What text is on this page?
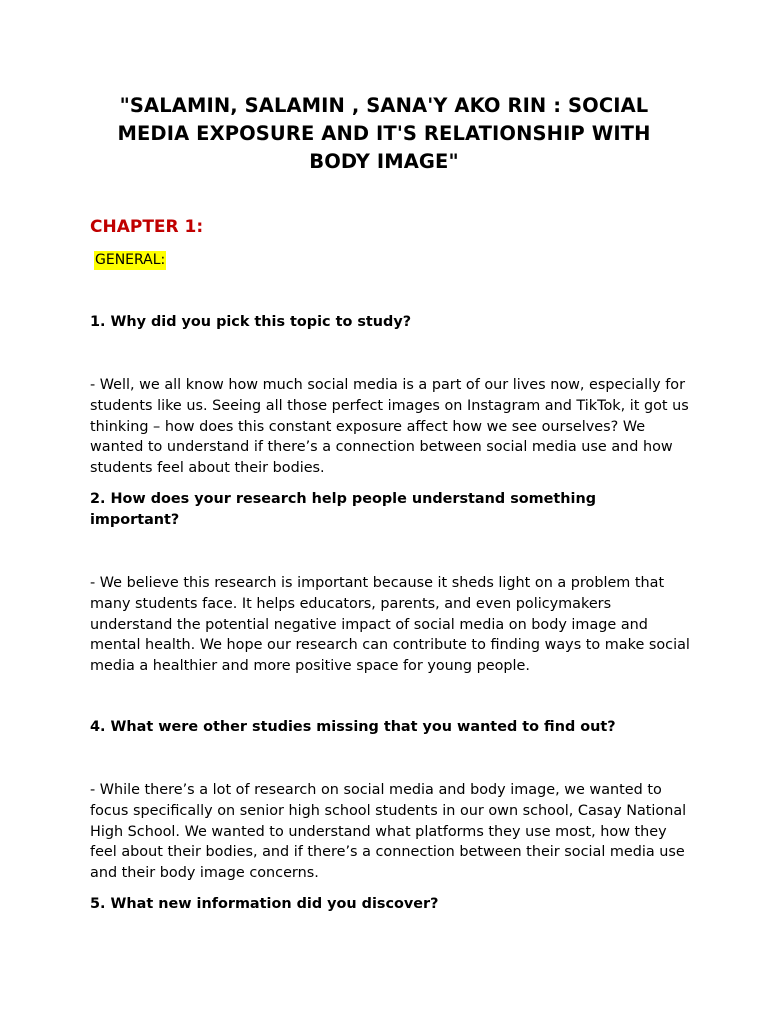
"SALAMIN, SALAMIN , SANA'Y AKO RIN : SOCIAL MEDIA EXPOSURE AND IT'S RELATIONSHIP WITH BODY IMAGE"
CHAPTER 1:
GENERAL:
1. Why did you pick this topic to study?
- Well, we all know how much social media is a part of our lives now, especially for students like us. Seeing all those perfect images on Instagram and TikTok, it got us thinking – how does this constant exposure affect how we see ourselves? We wanted to understand if there’s a connection between social media use and how students feel about their bodies.
2. How does your research help people understand something important?
- We believe this research is important because it sheds light on a problem that many students face. It helps educators, parents, and even policymakers understand the potential negative impact of social media on body image and mental health. We hope our research can contribute to finding ways to make social media a healthier and more positive space for young people.
4. What were other studies missing that you wanted to find out?
- While there’s a lot of research on social media and body image, we wanted to focus specifically on senior high school students in our own school, Casay National High School. We wanted to understand what platforms they use most, how they feel about their bodies, and if there’s a connection between their social media use and their body image concerns.
5. What new information did you discover?
